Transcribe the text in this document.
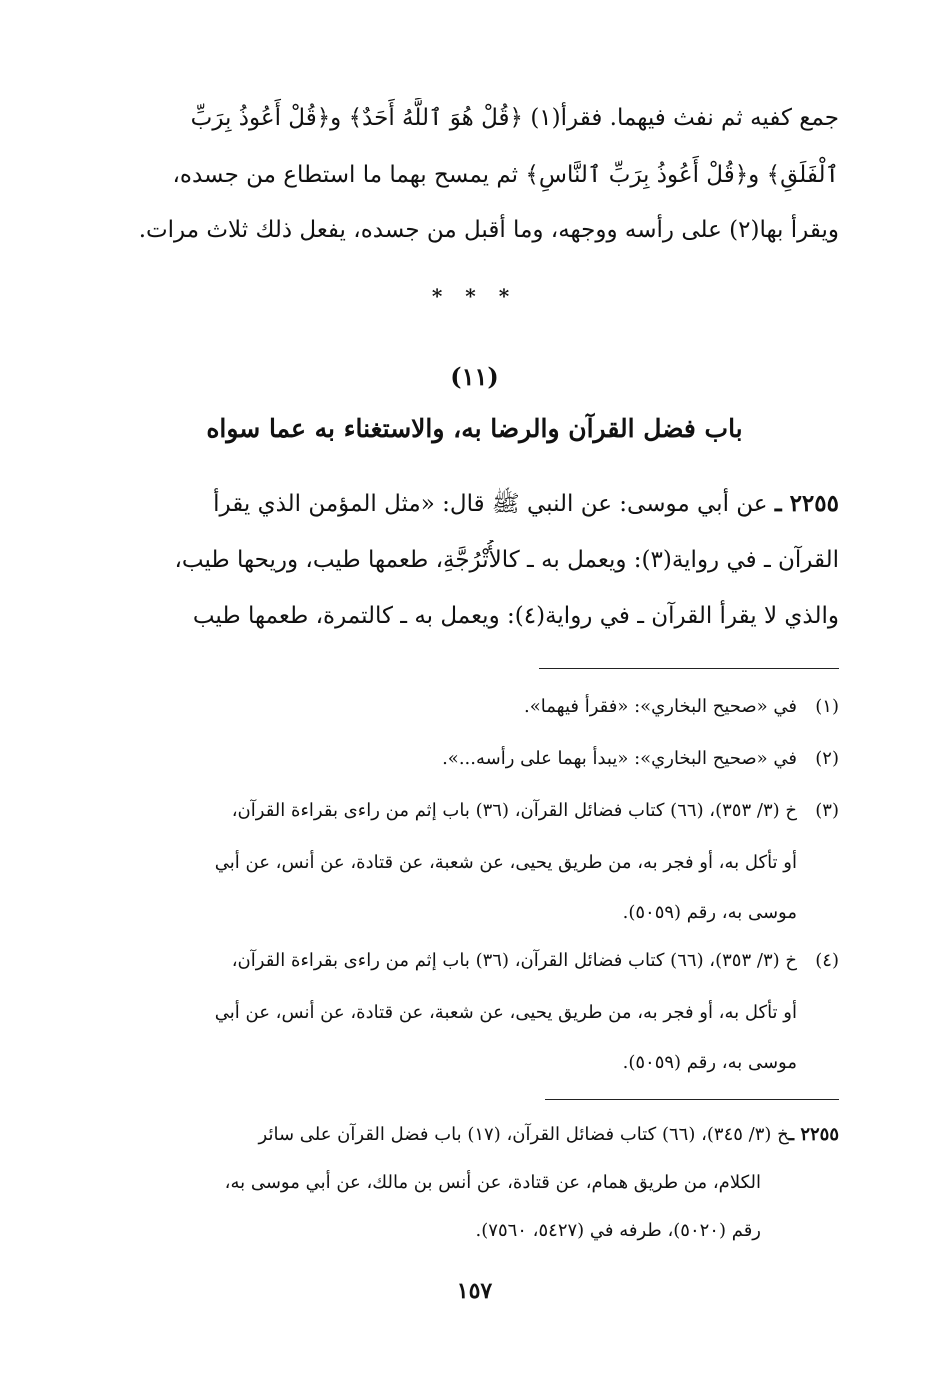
جمع كفيه ثم نفث فيهما. فقرأ(١) ﴿قُلْ هُوَ ٱللَّهُ أَحَدٌ﴾ و﴿قُلْ أَعُوذُ بِرَبِّ
ٱلْفَلَقِ﴾ و﴿قُلْ أَعُوذُ بِرَبِّ ٱلنَّاسِ﴾ ثم يمسح بهما ما استطاع من جسده،
ويقرأ بها(٢) على رأسه ووجهه، وما أقبل من جسده، يفعل ذلك ثلاث مرات.
* * *
(١١)
باب فضل القرآن والرضا به، والاستغناء به عما سواه
٢٢٥٥ ـ عن أبي موسى: عن النبي ﷺ قال: «مثل المؤمن الذي يقرأ
القرآن ـ في رواية(٣): ويعمل به ـ كالأُتْرُجَّةِ، طعمها طيب، وريحها طيب،
والذي لا يقرأ القرآن ـ في رواية(٤): ويعمل به ـ كالتمرة، طعمها طيب
(١)في «صحيح البخاري»: «فقرأ فيهما».
(٢)في «صحيح البخاري»: «يبدأ بهما على رأسه...».
(٣)خ (٣/ ٣٥٣)، (٦٦) كتاب فضائل القرآن، (٣٦) باب إثم من راءى بقراءة القرآن،
أو تأكل به، أو فجر به، من طريق يحيى، عن شعبة، عن قتادة، عن أنس، عن أبي
موسى به، رقم (٥٠٥٩).
(٤)خ (٣/ ٣٥٣)، (٦٦) كتاب فضائل القرآن، (٣٦) باب إثم من راءى بقراءة القرآن،
أو تأكل به، أو فجر به، من طريق يحيى، عن شعبة، عن قتادة، عن أنس، عن أبي
موسى به، رقم (٥٠٥٩).
٢٢٥٥ ـخ (٣/ ٣٤٥)، (٦٦) كتاب فضائل القرآن، (١٧) باب فضل القرآن على سائر
الكلام، من طريق همام، عن قتادة، عن أنس بن مالك، عن أبي موسى به،
رقم (٥٠٢٠)، طرفه في (٥٤٢٧، ٧٥٦٠).
١٥٧
